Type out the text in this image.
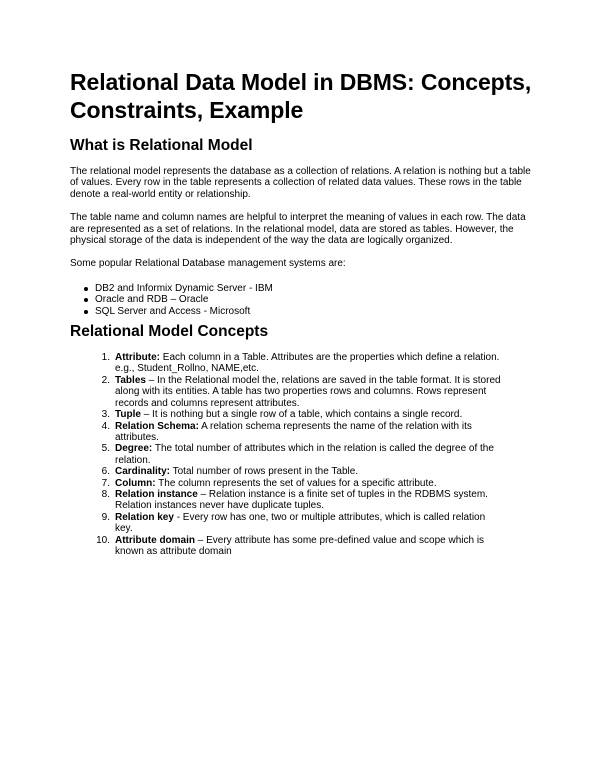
Relational Data Model in DBMS: Concepts, Constraints, Example
What is Relational Model

The relational model represents the database as a collection of relations. A relation is nothing but a table of values. Every row in the table represents a collection of related data values. These rows in the table denote a real-world entity or relationship.

The table name and column names are helpful to interpret the meaning of values in each row. The data are represented as a set of relations. In the relational model, data are stored as tables. However, the physical storage of the data is independent of the way the data are logically organized.

Some popular Relational Database management systems are:

DB2 and Informix Dynamic Server - IBM
Oracle and RDB – Oracle
SQL Server and Access - Microsoft
Relational Model Concepts
1. Attribute: Each column in a Table. Attributes are the properties which define a relation. e.g., Student_Rollno, NAME,etc.
2. Tables – In the Relational model the, relations are saved in the table format. It is stored along with its entities. A table has two properties rows and columns. Rows represent records and columns represent attributes.
3. Tuple – It is nothing but a single row of a table, which contains a single record.
4. Relation Schema: A relation schema represents the name of the relation with its attributes.
5. Degree: The total number of attributes which in the relation is called the degree of the relation.
6. Cardinality: Total number of rows present in the Table.
7. Column: The column represents the set of values for a specific attribute.
8. Relation instance – Relation instance is a finite set of tuples in the RDBMS system. Relation instances never have duplicate tuples.
9. Relation key - Every row has one, two or multiple attributes, which is called relation key.
10. Attribute domain – Every attribute has some pre-defined value and scope which is known as attribute domain
